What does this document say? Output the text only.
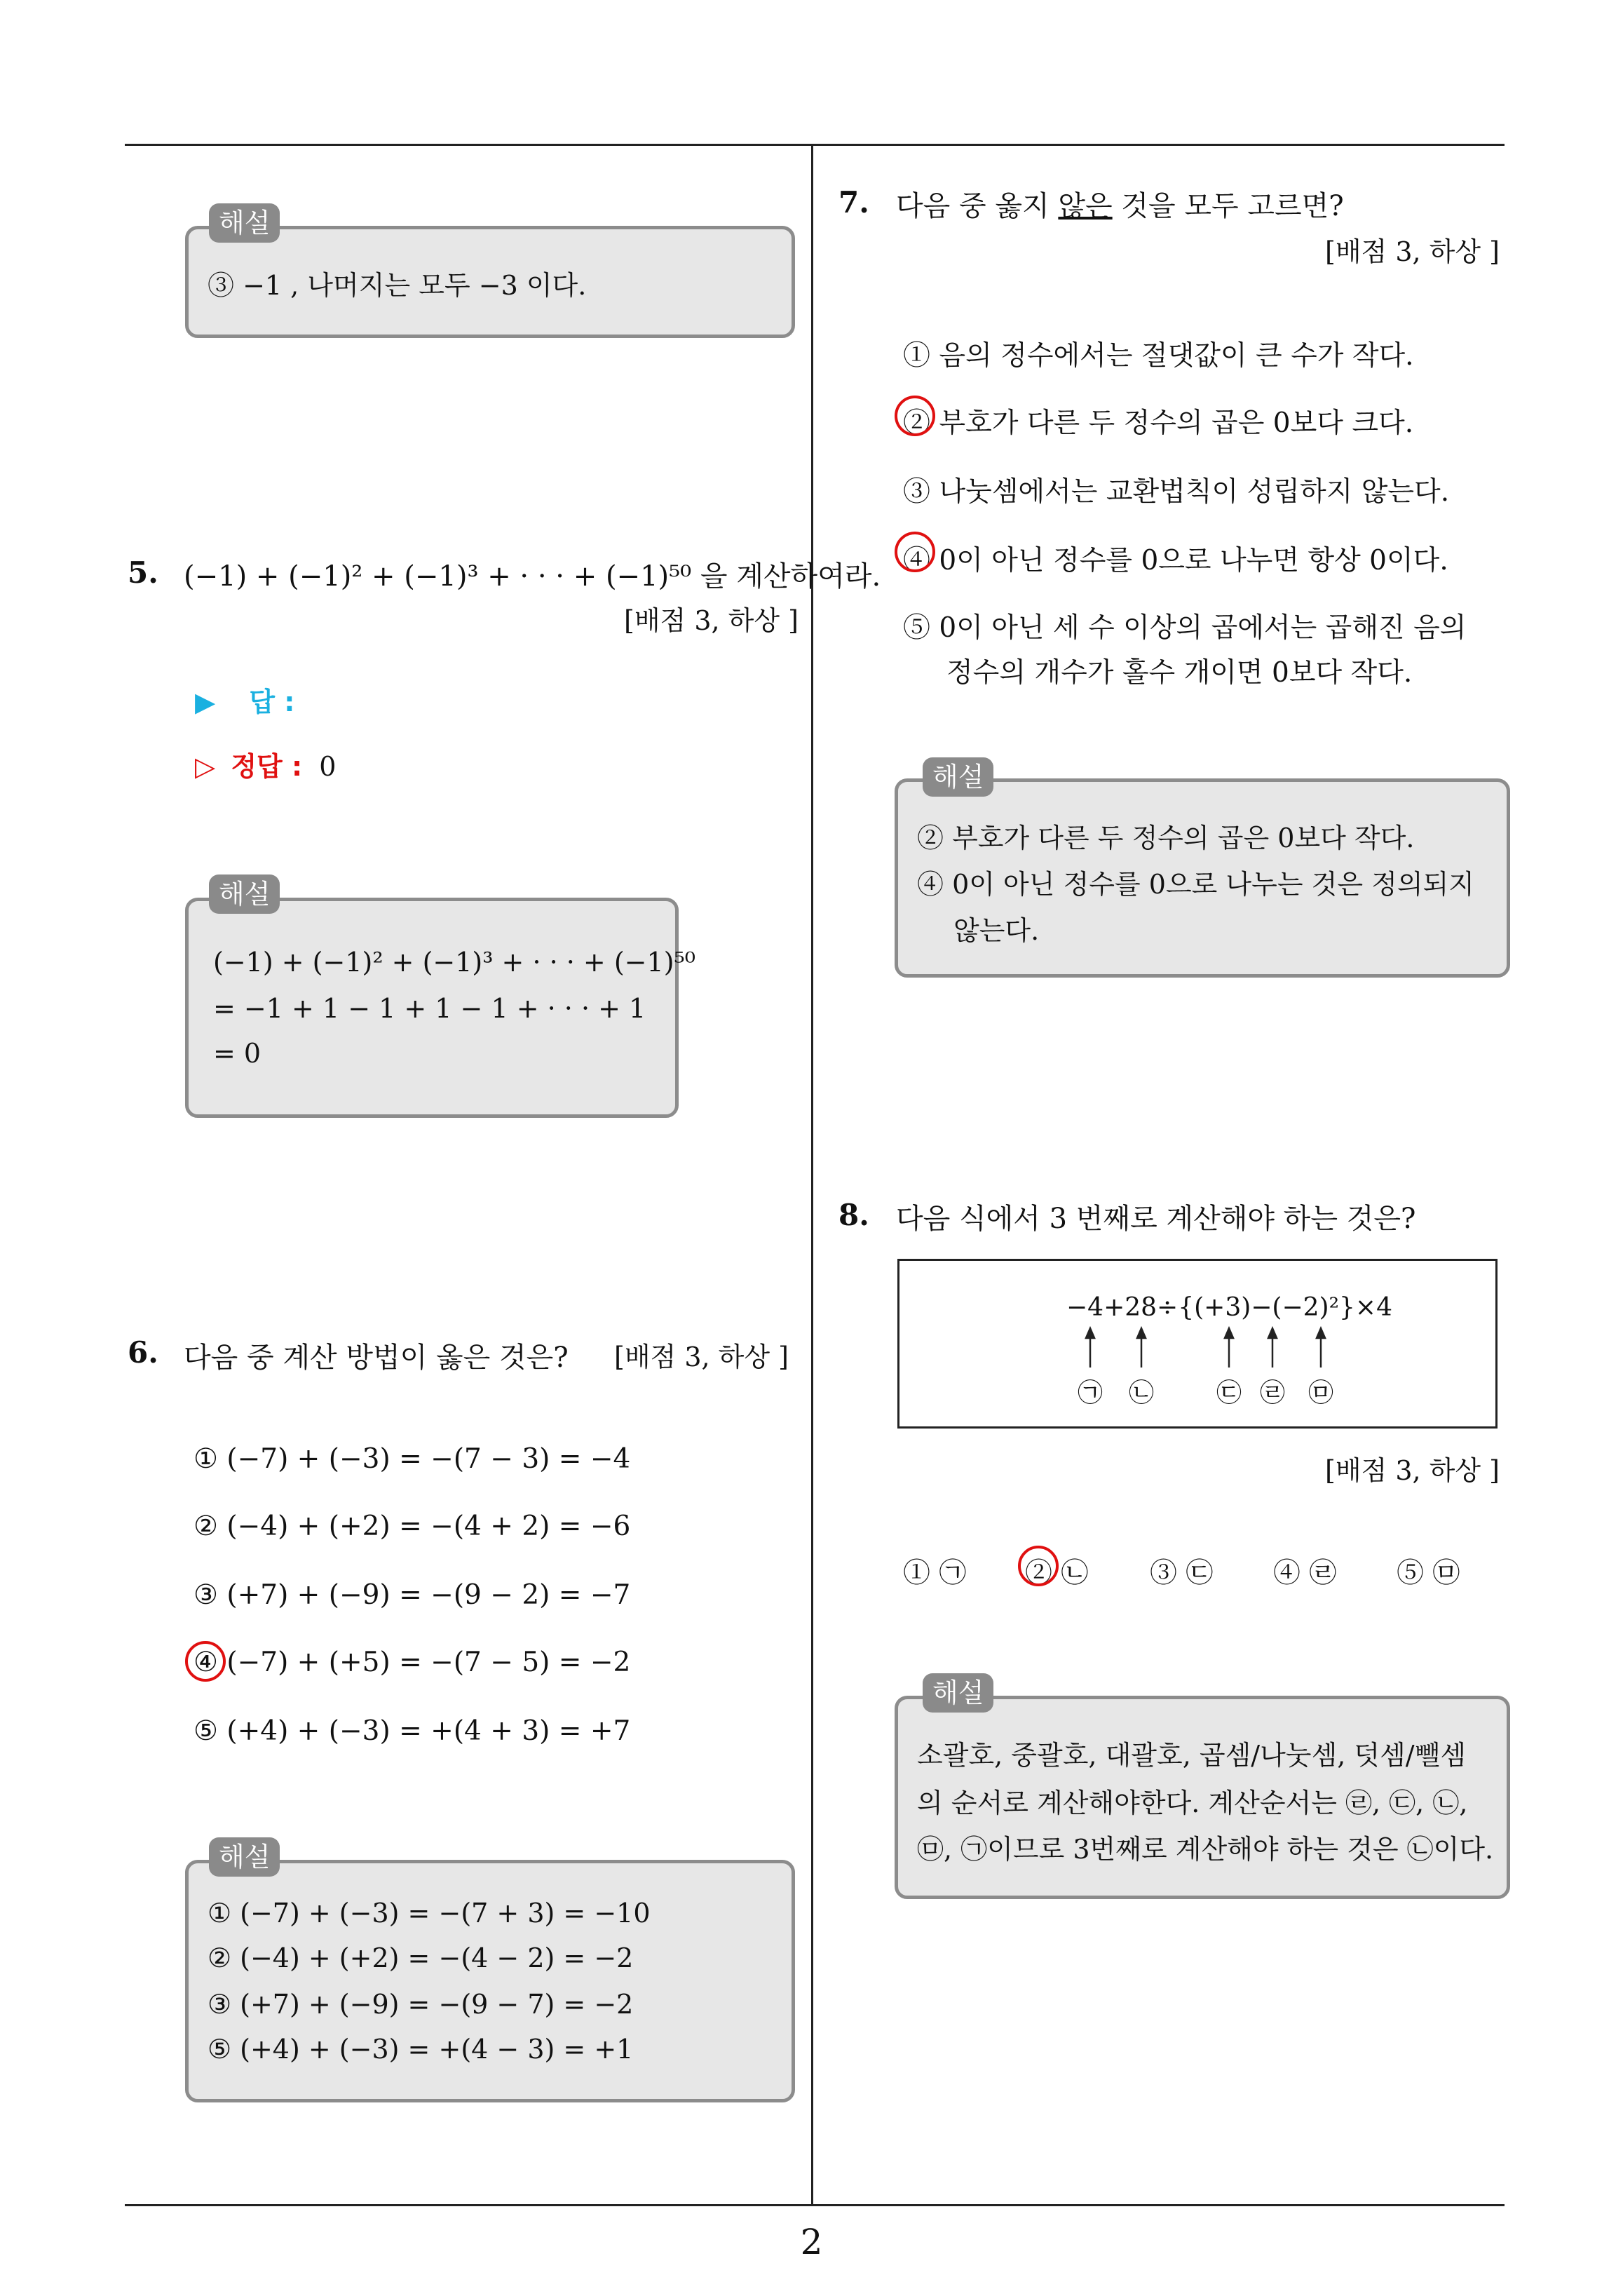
2
해설
③ −1 , 나머지는 모두 −3 이다.
5. (−1) + (−1)² + (−1)³ + · · · + (−1)⁵⁰ 을 계산하여라.
[배점 3, 하상 ]
▶ 답 :
▷ 정답 : 0
해설
(−1) + (−1)² + (−1)³ + · · · + (−1)⁵⁰
= −1 + 1 − 1 + 1 − 1 + · · · + 1
= 0
6. 다음 중 계산 방법이 옳은 것은? [배점 3, 하상 ]
① (−7) + (−3) = −(7 − 3) = −4
② (−4) + (+2) = −(4 + 2) = −6
③ (+7) + (−9) = −(9 − 2) = −7
④ (−7) + (+5) = −(7 − 5) = −2
⑤ (+4) + (−3) = +(4 + 3) = +7
해설
① (−7) + (−3) = −(7 + 3) = −10
② (−4) + (+2) = −(4 − 2) = −2
③ (+7) + (−9) = −(9 − 7) = −2
⑤ (+4) + (−3) = +(4 − 3) = +1
7. 다음 중 옳지 않은 것을 모두 고르면?
[배점 3, 하상 ]
① 음의 정수에서는 절댓값이 큰 수가 작다.
② 부호가 다른 두 정수의 곱은 0보다 크다.
③ 나눗셈에서는 교환법칙이 성립하지 않는다.
④ 0이 아닌 정수를 0으로 나누면 항상 0이다.
⑤ 0이 아닌 세 수 이상의 곱에서는 곱해진 음의
정수의 개수가 홀수 개이면 0보다 작다.
해설
② 부호가 다른 두 정수의 곱은 0보다 작다.
④ 0이 아닌 정수를 0으로 나누는 것은 정의되지
않는다.
8. 다음 식에서 3 번째로 계산해야 하는 것은?
−4+28÷{(+3)−(−2)²}×4
㉠ ㉡ ㉢ ㉣ ㉤
[배점 3, 하상 ]
① ㉠ ② ㉡ ③ ㉢ ④ ㉣ ⑤ ㉤
해설
소괄호, 중괄호, 대괄호, 곱셈/나눗셈, 덧셈/뺄셈
의 순서로 계산해야한다. 계산순서는 ㉣, ㉢, ㉡,
㉤, ㉠이므로 3번째로 계산해야 하는 것은 ㉡이다.
